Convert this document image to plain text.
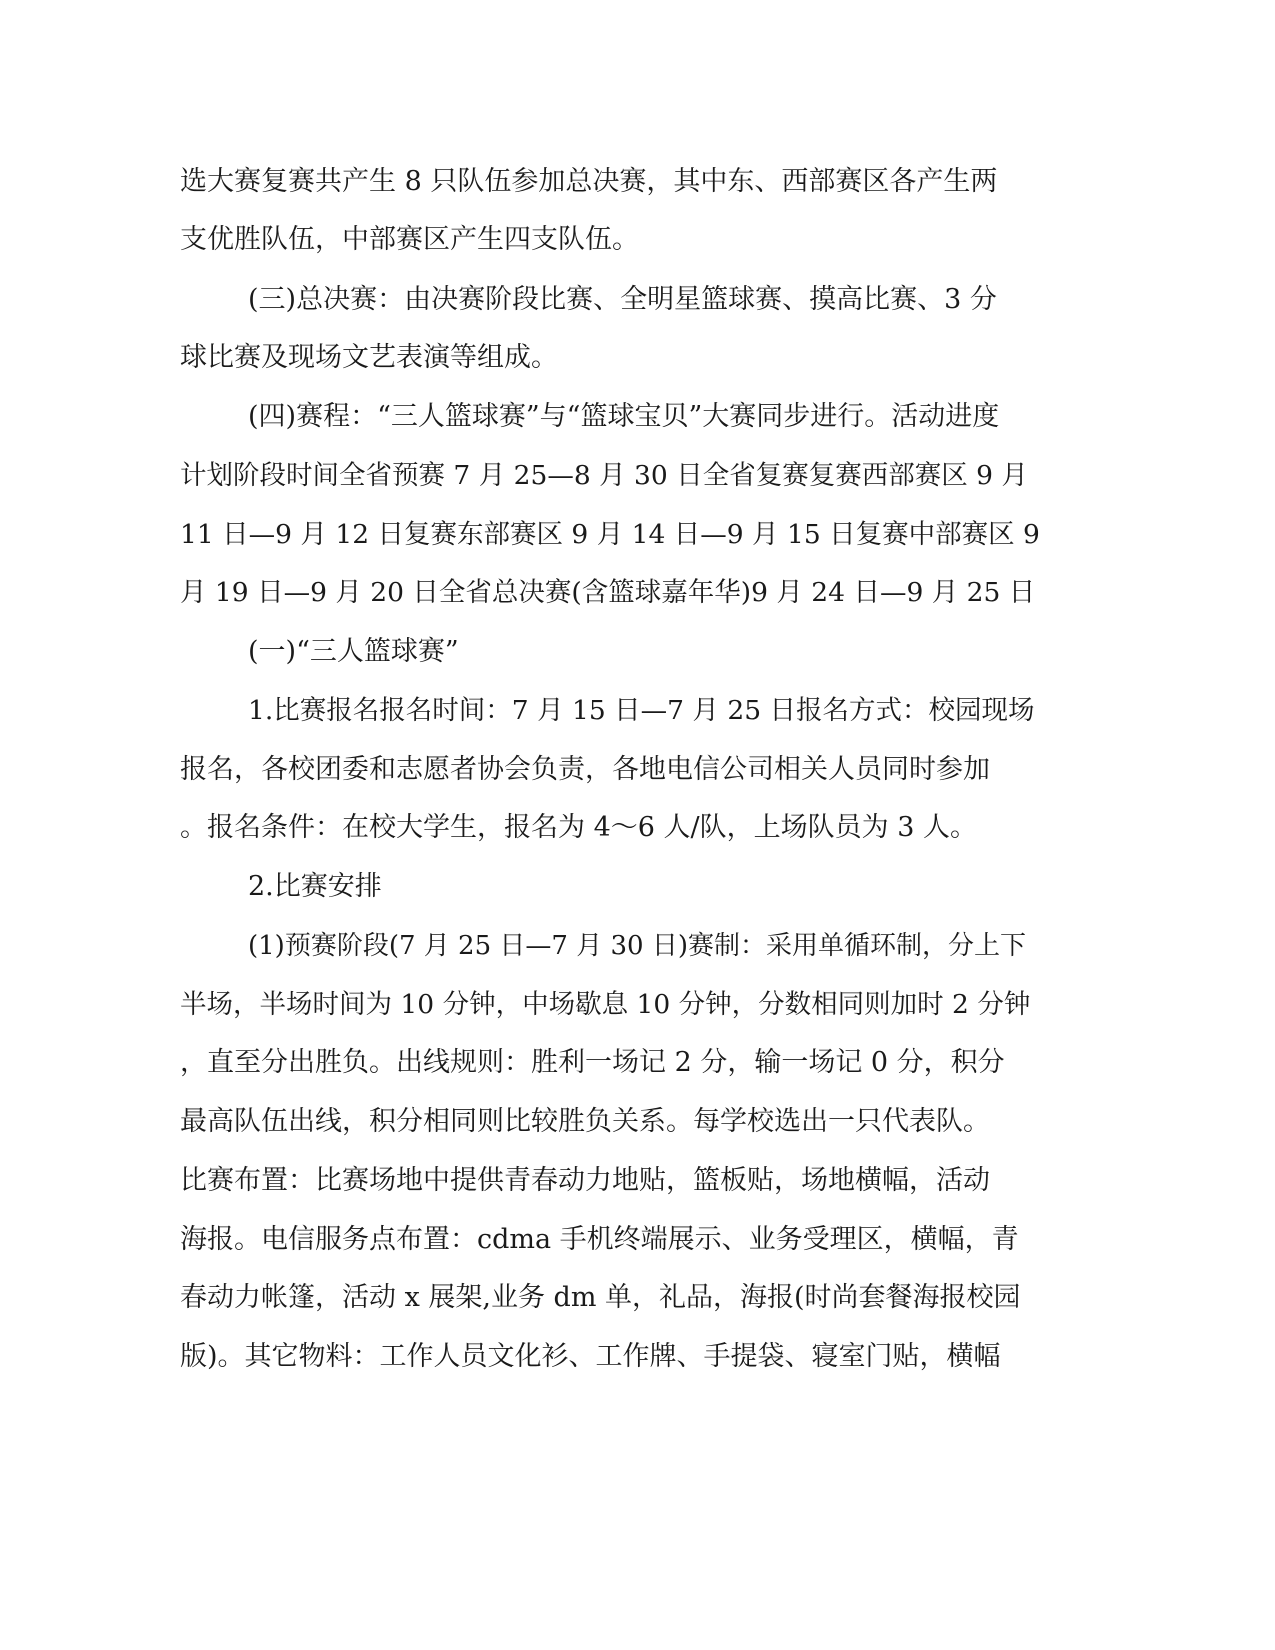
选大赛复赛共产生 8 只队伍参加总决赛，其中东、西部赛区各产生两
支优胜队伍，中部赛区产生四支队伍。
(三)总决赛：由决赛阶段比赛、全明星篮球赛、摸高比赛、3 分
球比赛及现场文艺表演等组成。
(四)赛程：“三人篮球赛”与“篮球宝贝”大赛同步进行。活动进度
计划阶段时间全省预赛 7 月 25—8 月 30 日全省复赛复赛西部赛区 9 月
11 日—9 月 12 日复赛东部赛区 9 月 14 日—9 月 15 日复赛中部赛区 9
月 19 日—9 月 20 日全省总决赛(含篮球嘉年华)9 月 24 日—9 月 25 日
(一)“三人篮球赛”
1.比赛报名报名时间：7 月 15 日—7 月 25 日报名方式：校园现场
报名，各校团委和志愿者协会负责，各地电信公司相关人员同时参加
。报名条件：在校大学生，报名为 4～6 人/队，上场队员为 3 人。
2.比赛安排
(1)预赛阶段(7 月 25 日—7 月 30 日)赛制：采用单循环制，分上下
半场，半场时间为 10 分钟，中场歇息 10 分钟，分数相同则加时 2 分钟
，直至分出胜负。出线规则：胜利一场记 2 分，输一场记 0 分，积分
最高队伍出线，积分相同则比较胜负关系。每学校选出一只代表队。
比赛布置：比赛场地中提供青春动力地贴，篮板贴，场地横幅，活动
海报。电信服务点布置：cdma 手机终端展示、业务受理区，横幅，青
春动力帐篷，活动 x 展架,业务 dm 单，礼品，海报(时尚套餐海报校园
版)。其它物料：工作人员文化衫、工作牌、手提袋、寝室门贴，横幅
